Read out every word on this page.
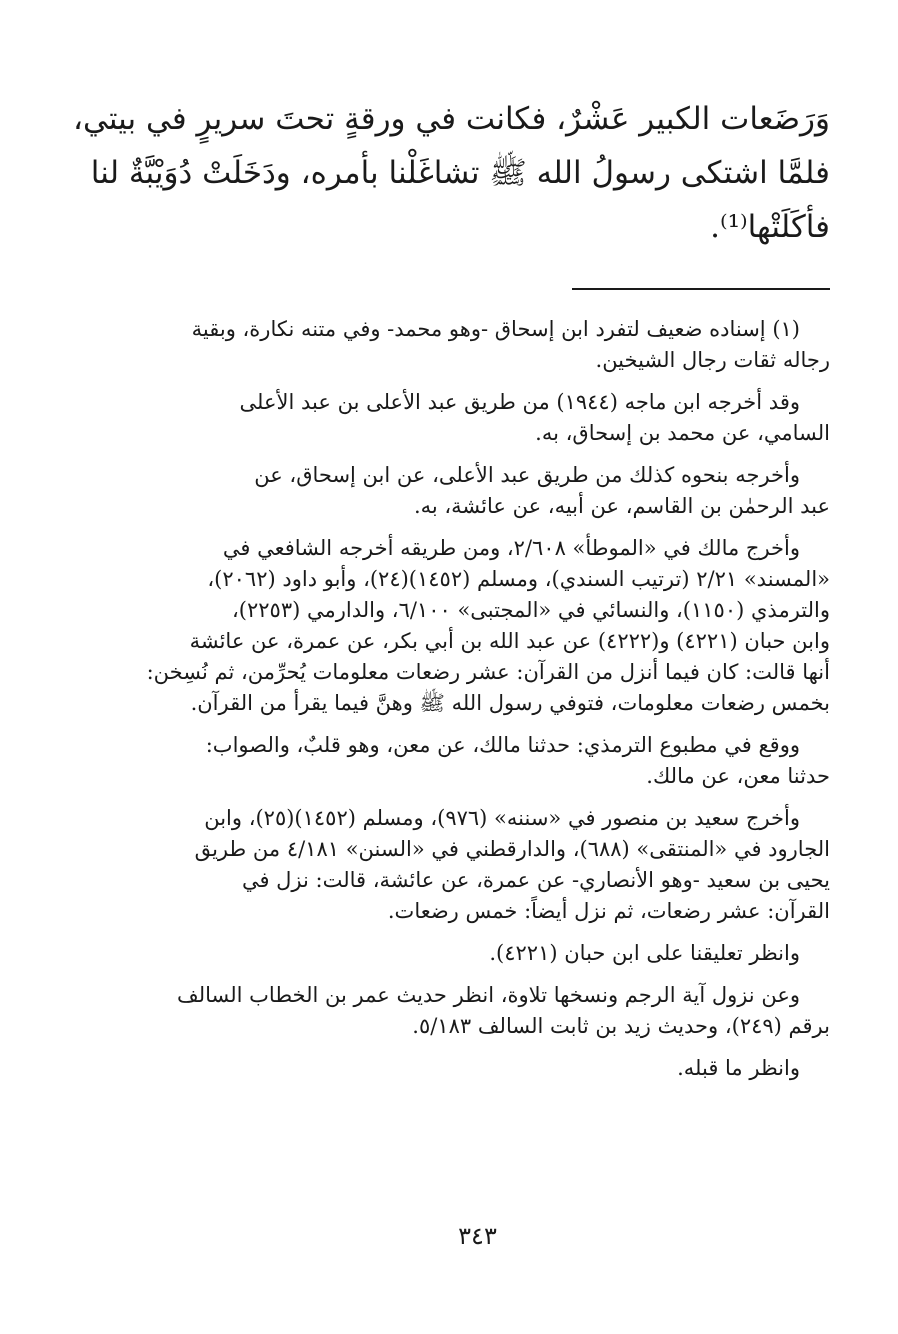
وَرَضَعات الكبير عَشْرٌ، فكانت في ورقةٍ تحتَ سريرٍ في بيتي،
فلمَّا اشتكى رسولُ الله ﷺ تشاغَلْنا بأمره، ودَخَلَتْ دُوَيْبَّةٌ لنا
فأكَلَتْها⁽¹⁾.

(١) إسناده ضعيف لتفرد ابن إسحاق -وهو محمد- وفي متنه نكارة، وبقية
رجاله ثقات رجال الشيخين.

وقد أخرجه ابن ماجه (١٩٤٤) من طريق عبد الأعلى بن عبد الأعلى
السامي، عن محمد بن إسحاق، به.

وأخرجه بنحوه كذلك من طريق عبد الأعلى، عن ابن إسحاق، عن
عبد الرحمٰن بن القاسم، عن أبيه، عن عائشة، به.

وأخرج مالك في «الموطأ» ٢/٦٠٨، ومن طريقه أخرجه الشافعي في
«المسند» ٢/٢١ (ترتيب السندي)، ومسلم (١٤٥٢)(٢٤)، وأبو داود (٢٠٦٢)،
والترمذي (١١٥٠)، والنسائي في «المجتبى» ٦/١٠٠، والدارمي (٢٢٥٣)،
وابن حبان (٤٢٢١) و(٤٢٢٢) عن عبد الله بن أبي بكر، عن عمرة، عن عائشة
أنها قالت: كان فيما أنزل من القرآن: عشر رضعات معلومات يُحرِّمن، ثم نُسِخن:
بخمس رضعات معلومات، فتوفي رسول الله ﷺ وهنَّ فيما يقرأ من القرآن.

ووقع في مطبوع الترمذي: حدثنا مالك، عن معن، وهو قلبٌ، والصواب:
حدثنا معن، عن مالك.

وأخرج سعيد بن منصور في «سننه» (٩٧٦)، ومسلم (١٤٥٢)(٢٥)، وابن
الجارود في «المنتقى» (٦٨٨)، والدارقطني في «السنن» ٤/١٨١ من طريق
يحيى بن سعيد -وهو الأنصاري- عن عمرة، عن عائشة، قالت: نزل في
القرآن: عشر رضعات، ثم نزل أيضاً: خمس رضعات.

وانظر تعليقنا على ابن حبان (٤٢٢١).

وعن نزول آية الرجم ونسخها تلاوة، انظر حديث عمر بن الخطاب السالف
برقم (٢٤٩)، وحديث زيد بن ثابت السالف ٥/١٨٣.

وانظر ما قبله.

٣٤٣
